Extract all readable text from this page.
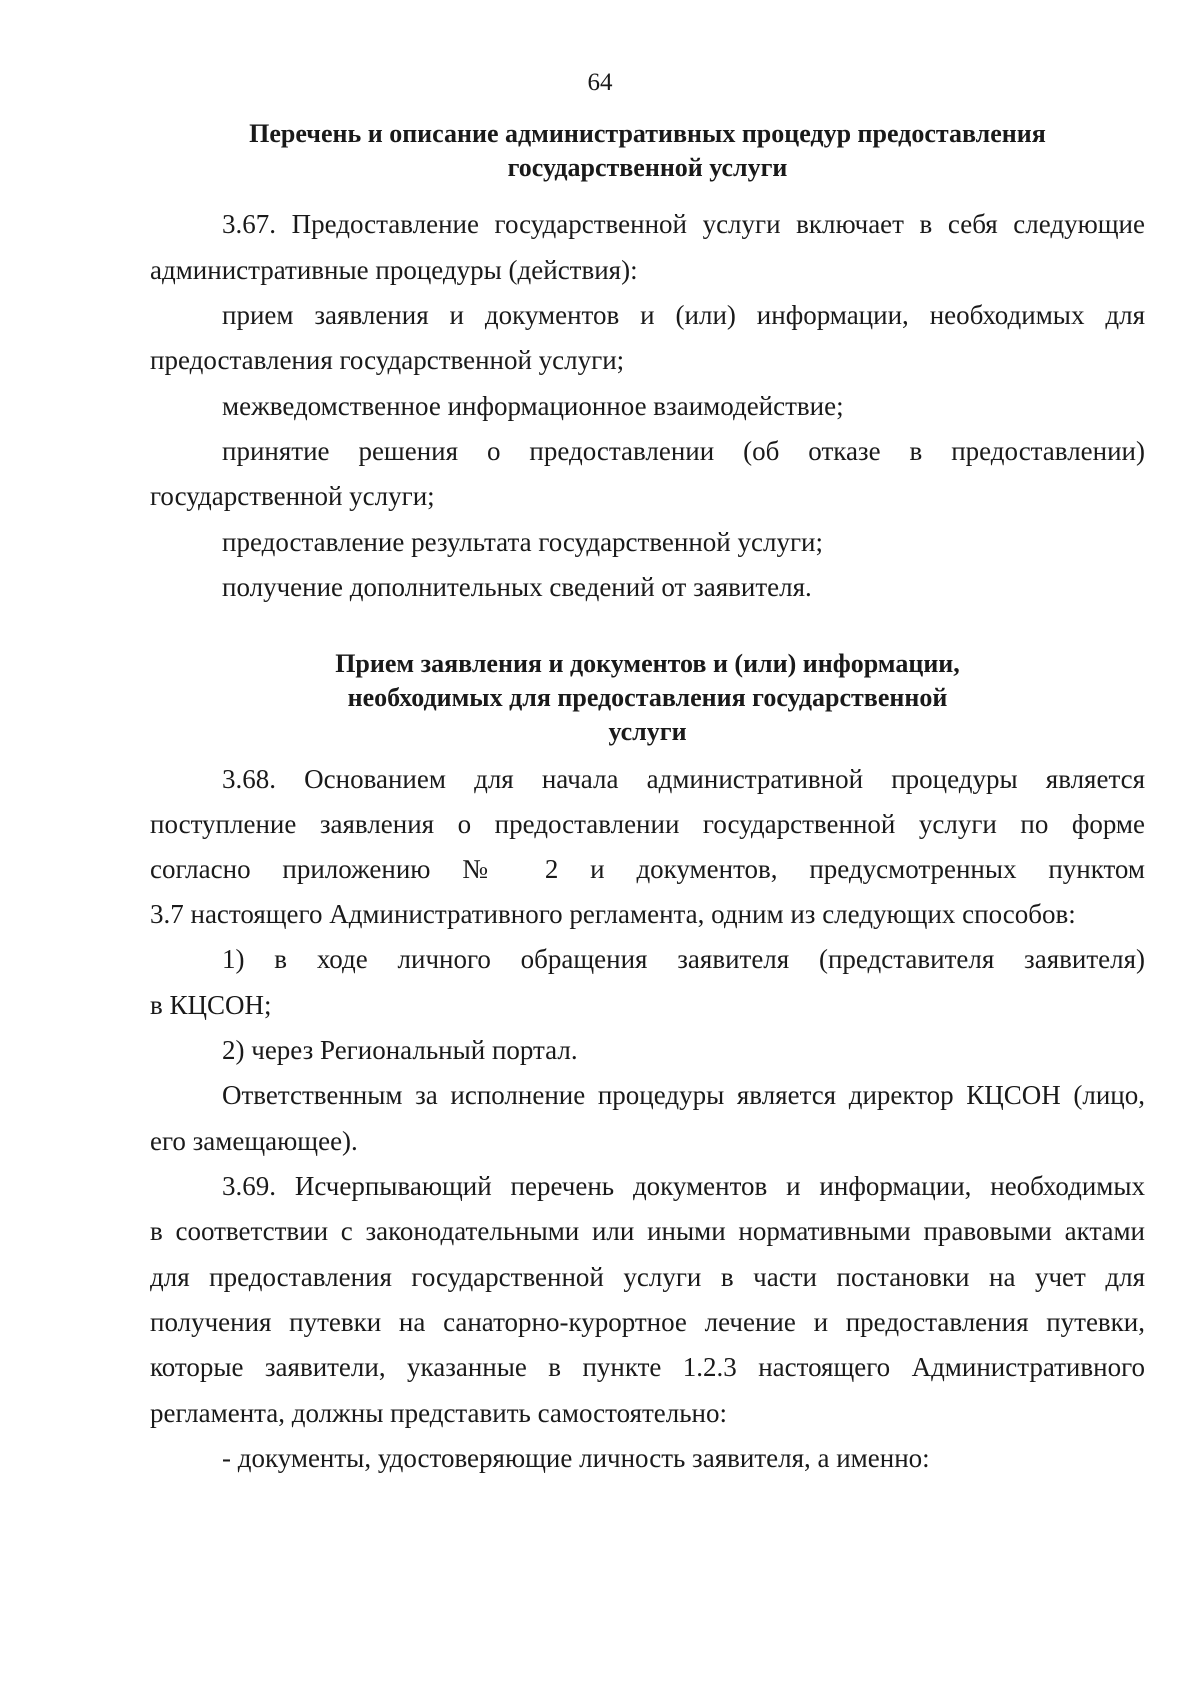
64
Перечень и описание административных процедур предоставления
государственной услуги
3.67. Предоставление государственной услуги включает в себя следующие
административные процедуры (действия):
прием заявления и документов и (или) информации, необходимых для
предоставления государственной услуги;
межведомственное информационное взаимодействие;
принятие решения о предоставлении (об отказе в предоставлении)
государственной услуги;
предоставление результата государственной услуги;
получение дополнительных сведений от заявителя.
Прием заявления и документов и (или) информации,
необходимых для предоставления государственной
услуги
3.68. Основанием для начала административной процедуры является
поступление заявления о предоставлении государственной услуги по форме
согласно приложению № 2 и документов, предусмотренных пунктом
3.7 настоящего Административного регламента, одним из следующих способов:
1) в ходе личного обращения заявителя (представителя заявителя)
в КЦСОН;
2) через Региональный портал.
Ответственным за исполнение процедуры является директор КЦСОН (лицо,
его замещающее).
3.69. Исчерпывающий перечень документов и информации, необходимых
в соответствии с законодательными или иными нормативными правовыми актами
для предоставления государственной услуги в части постановки на учет для
получения путевки на санаторно-курортное лечение и предоставления путевки,
которые заявители, указанные в пункте 1.2.3 настоящего Административного
регламента, должны представить самостоятельно:
- документы, удостоверяющие личность заявителя, а именно:
